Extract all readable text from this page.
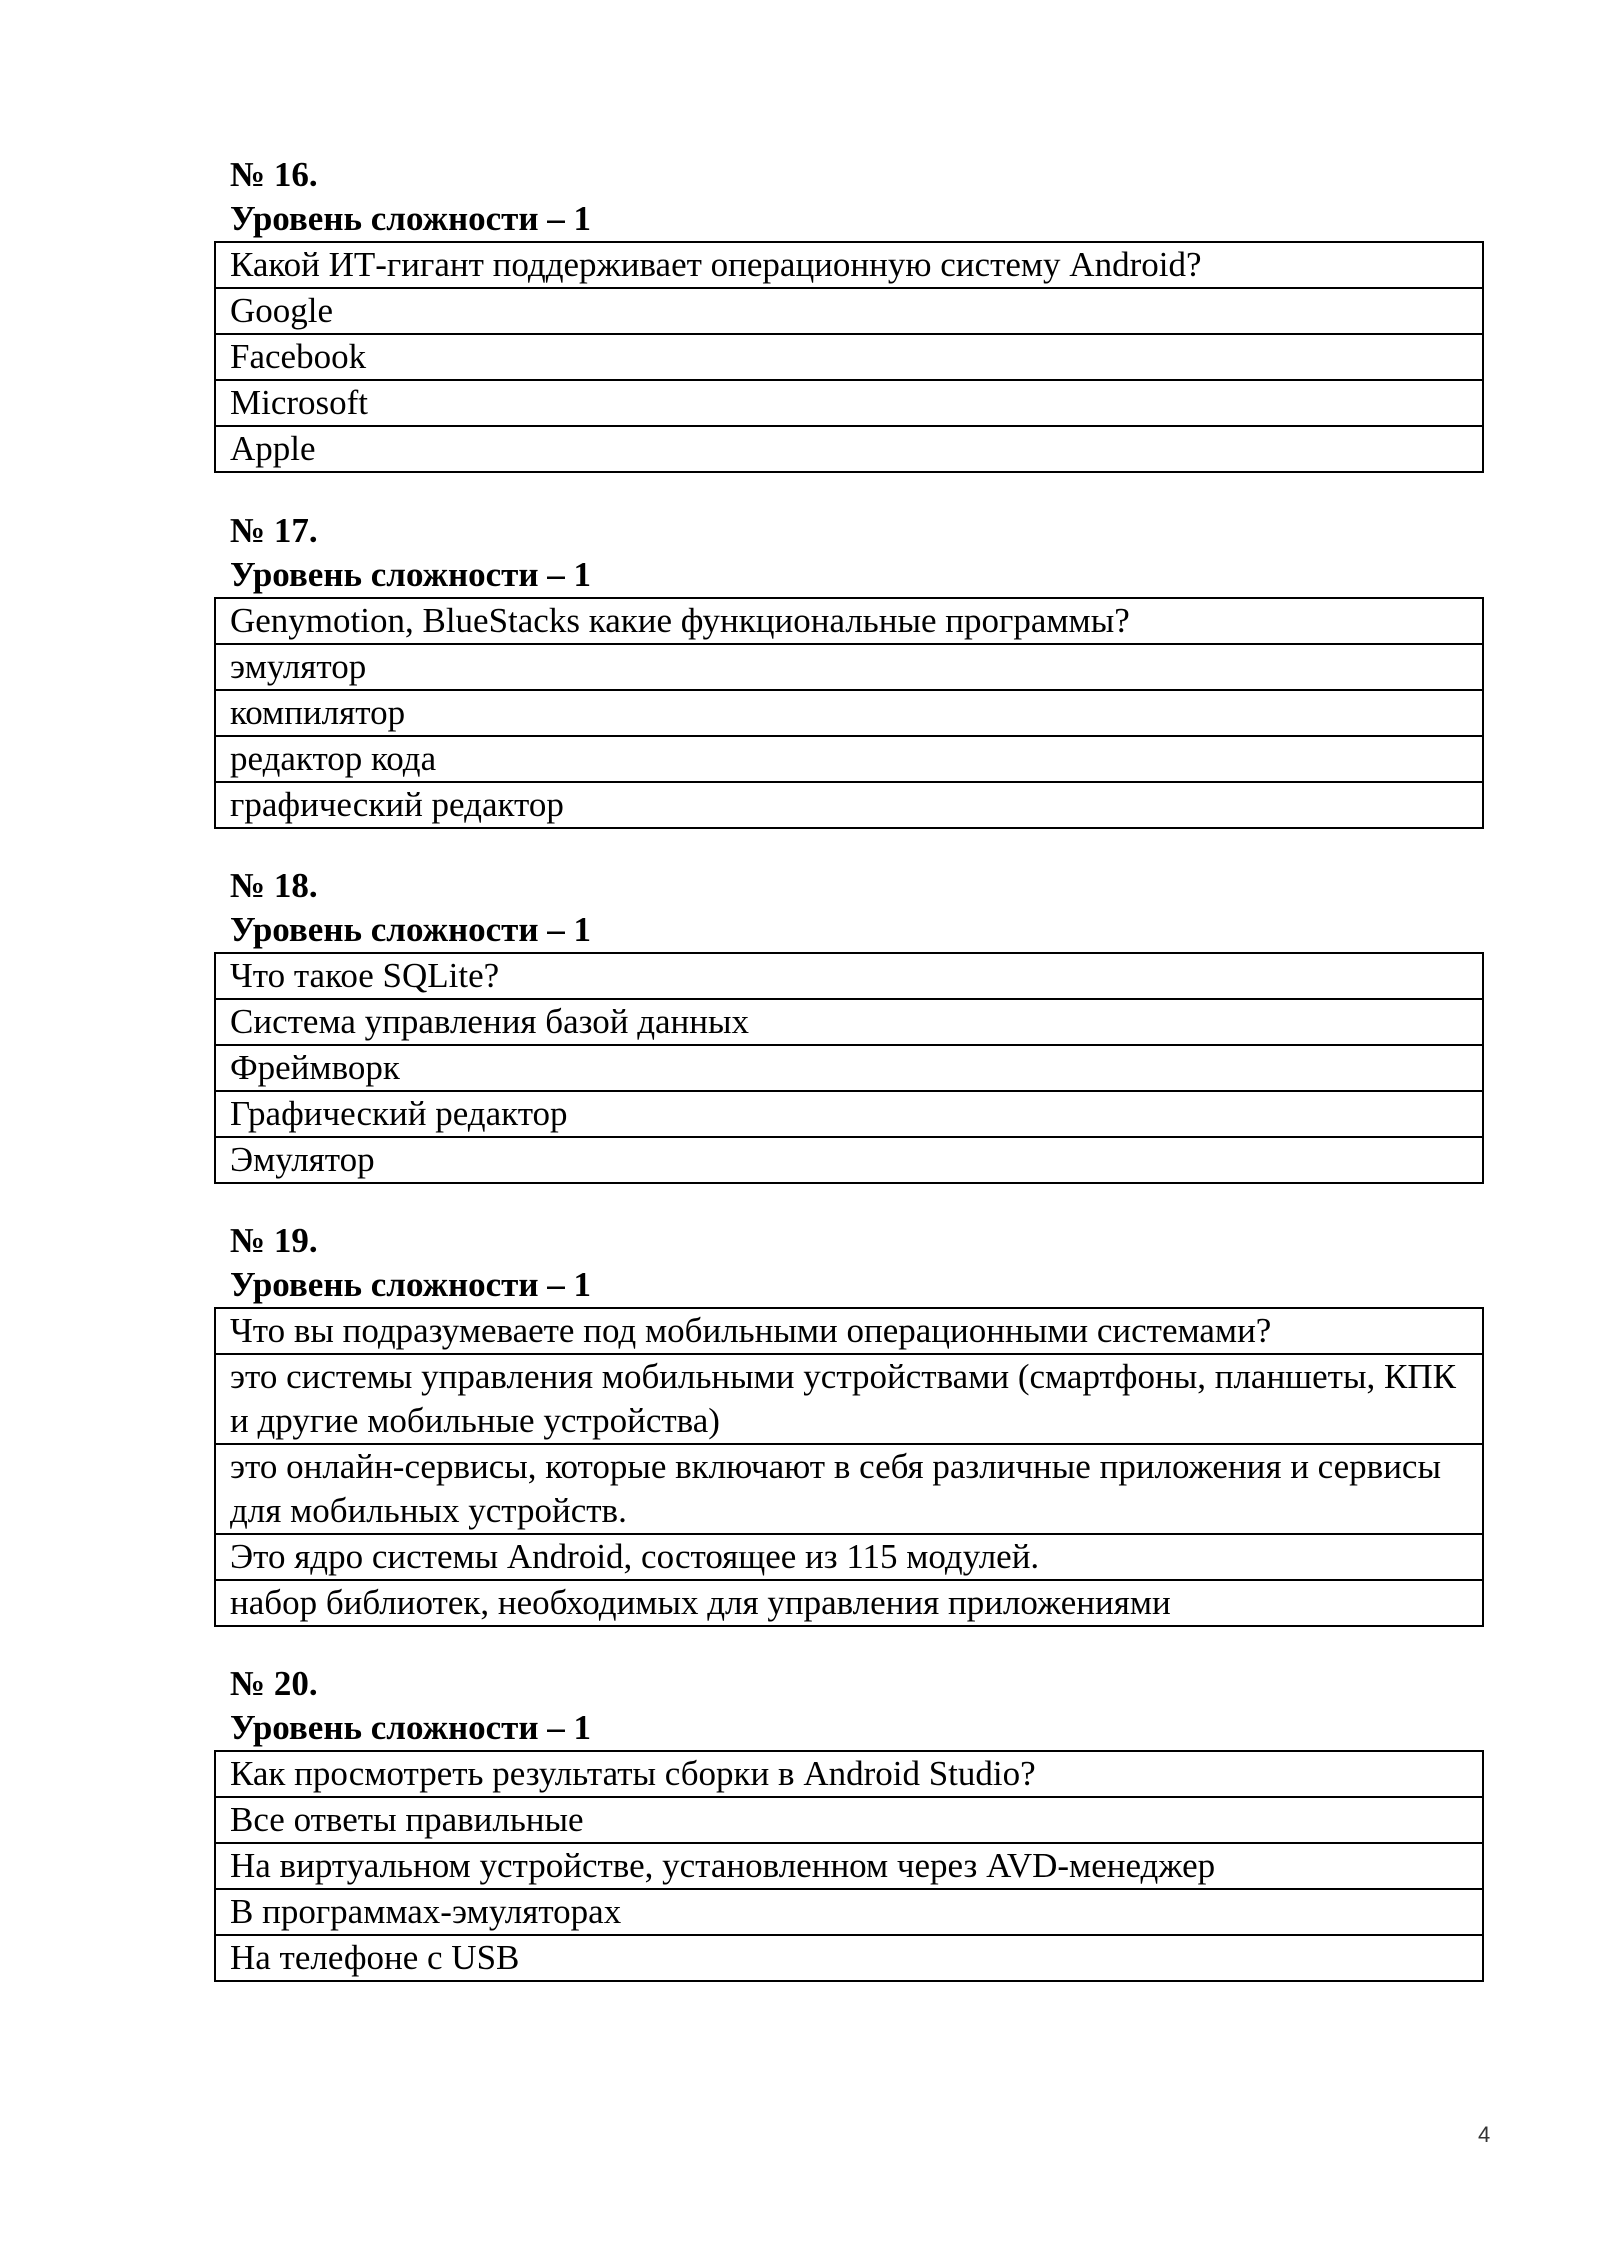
№ 16.
Уровень сложности – 1
Какой ИТ-гигант поддерживает операционную систему Android?
Google
Facebook
Microsoft
Apple
№ 17.
Уровень сложности – 1
Genymotion, BlueStacks какие функциональные программы?
эмулятор
компилятор
редактор кода
графический редактор
№ 18.
Уровень сложности – 1
Что такое SQLite?
Система управления базой данных
Фреймворк
Графический редактор
Эмулятор
№ 19.
Уровень сложности – 1
Что вы подразумеваете под мобильными операционными системами?
это системы управления мобильными устройствами (смартфоны, планшеты, КПК и другие мобильные устройства)
это онлайн-сервисы, которые включают в себя различные приложения и сервисы для мобильных устройств.
Это ядро системы Android, состоящее из 115 модулей.
набор библиотек, необходимых для управления приложениями
№ 20.
Уровень сложности – 1
Как просмотреть результаты сборки в Android Studio?
Все ответы правильные
На виртуальном устройстве, установленном через AVD-менеджер
В программах-эмуляторах
На телефоне с USB
4
